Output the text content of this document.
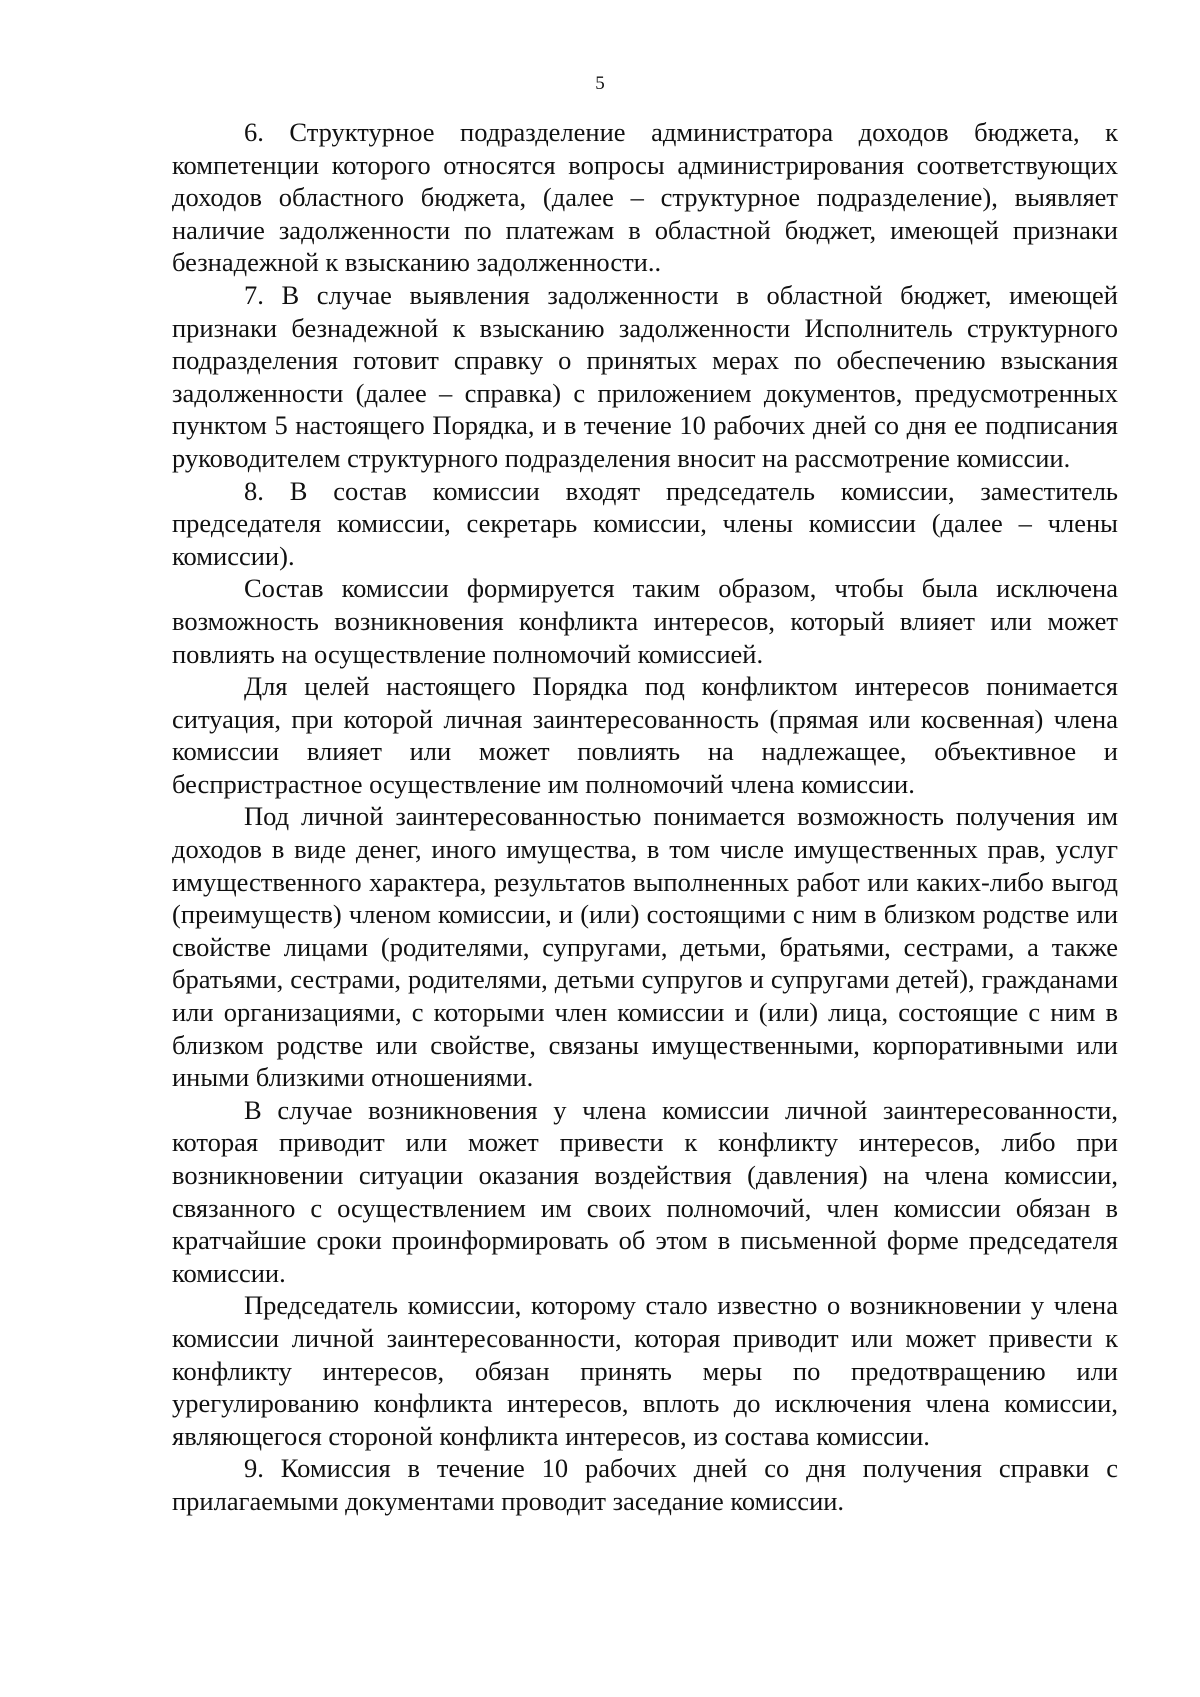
5

6. Структурное подразделение администратора доходов бюджета, к компетенции которого относятся вопросы администрирования соответствующих доходов областного бюджета, (далее – структурное подразделение), выявляет наличие задолженности по платежам в областной бюджет, имеющей признаки безнадежной к взысканию задолженности..

7. В случае выявления задолженности в областной бюджет, имеющей признаки безнадежной к взысканию задолженности Исполнитель структурного подразделения готовит справку о принятых мерах по обеспечению взыскания задолженности (далее – справка) с приложением документов, предусмотренных пунктом 5 настоящего Порядка, и в течение 10 рабочих дней со дня ее подписания руководителем структурного подразделения вносит на рассмотрение комиссии.

8. В состав комиссии входят председатель комиссии, заместитель председателя комиссии, секретарь комиссии, члены комиссии (далее – члены комиссии).

Состав комиссии формируется таким образом, чтобы была исключена возможность возникновения конфликта интересов, который влияет или может повлиять на осуществление полномочий комиссией.

Для целей настоящего Порядка под конфликтом интересов понимается ситуация, при которой личная заинтересованность (прямая или косвенная) члена комиссии влияет или может повлиять на надлежащее, объективное и беспристрастное осуществление им полномочий члена комиссии.

Под личной заинтересованностью понимается возможность получения им доходов в виде денег, иного имущества, в том числе имущественных прав, услуг имущественного характера, результатов выполненных работ или каких-либо выгод (преимуществ) членом комиссии, и (или) состоящими с ним в близком родстве или свойстве лицами (родителями, супругами, детьми, братьями, сестрами, а также братьями, сестрами, родителями, детьми супругов и супругами детей), гражданами или организациями, с которыми член комиссии и (или) лица, состоящие с ним в близком родстве или свойстве, связаны имущественными, корпоративными или иными близкими отношениями.

В случае возникновения у члена комиссии личной заинтересованности, которая приводит или может привести к конфликту интересов, либо при возникновении ситуации оказания воздействия (давления) на члена комиссии, связанного с осуществлением им своих полномочий, член комиссии обязан в кратчайшие сроки проинформировать об этом в письменной форме председателя комиссии.

Председатель комиссии, которому стало известно о возникновении у члена комиссии личной заинтересованности, которая приводит или может привести к конфликту интересов, обязан принять меры по предотвращению или урегулированию конфликта интересов, вплоть до исключения члена комиссии, являющегося стороной конфликта интересов, из состава комиссии.

9. Комиссия в течение 10 рабочих дней со дня получения справки с прилагаемыми документами проводит заседание комиссии.
